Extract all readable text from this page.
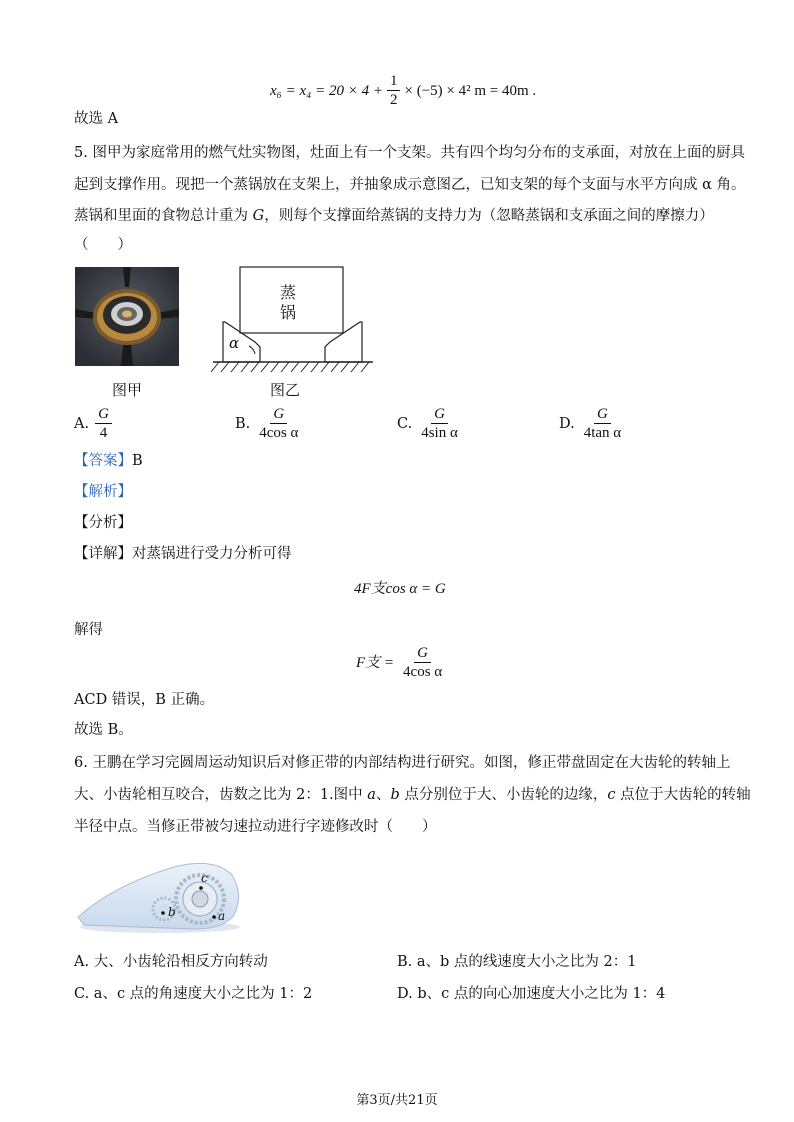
$x_6 = x_4 = 20 \times 4 + \frac{1}{2} \times (-5) \times 4^2$ m = 40m .
故选 A
5. 图甲为家庭常用的燃气灶实物图，灶面上有一个支架。共有四个均匀分布的支承面，对放在上面的厨具
起到支撑作用。现把一个蒸锅放在支架上，并抽象成示意图乙，已知支架的每个支面与水平方向成 α 角。
蒸锅和里面的食物总计重为 G，则每个支撑面给蒸锅的支持力为（忽略蒸锅和支承面之间的摩擦力）
（　　）
图甲
蒸
锅
α
图乙
A. $\frac{G}{4}$	B. $\frac{G}{\text{4cos α}}$	C. $\frac{G}{\text{4sin α}}$	D. $\frac{G}{\text{4tan α}}$
【答案】B
【解析】
【分析】
【详解】对蒸锅进行受力分析可得
4F支cos α = G
解得
F支 = $\frac{G}{\text{4cos α}}$
ACD 错误，B 正确。
故选 B。
6. 王鹏在学习完圆周运动知识后对修正带的内部结构进行研究。如图，修正带盘固定在大齿轮的转轴上
大、小齿轮相互咬合，齿数之比为 2：1.图中 a、b 点分别位于大、小齿轮的边缘，c 点位于大齿轮的转轴
半径中点。当修正带被匀速拉动进行字迹修改时（　　）
c
b	a
A. 大、小齿轮沿相反方向转动	B. a、b 点的线速度大小之比为 2：1
C. a、c 点的角速度大小之比为 1：2	D. b、c 点的向心加速度大小之比为 1：4
第3页/共21页
